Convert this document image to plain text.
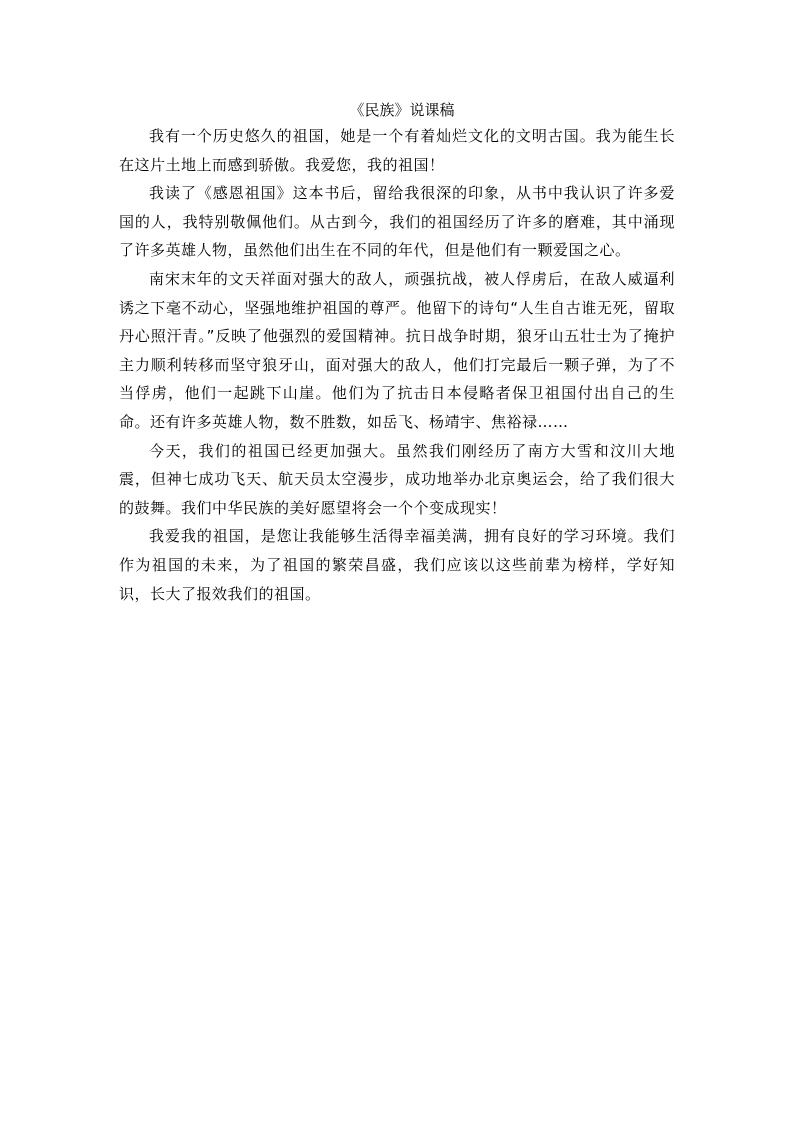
《民族》说课稿

我有一个历史悠久的祖国，她是一个有着灿烂文化的文明古国。我为能生长在这片土地上而感到骄傲。我爱您，我的祖国！

我读了《感恩祖国》这本书后，留给我很深的印象，从书中我认识了许多爱国的人，我特别敬佩他们。从古到今，我们的祖国经历了许多的磨难，其中涌现了许多英雄人物，虽然他们出生在不同的年代，但是他们有一颗爱国之心。

南宋末年的文天祥面对强大的敌人，顽强抗战，被人俘虏后，在敌人威逼利诱之下毫不动心，坚强地维护祖国的尊严。他留下的诗句“人生自古谁无死，留取丹心照汗青。”反映了他强烈的爱国精神。抗日战争时期，狼牙山五壮士为了掩护主力顺利转移而坚守狼牙山，面对强大的敌人，他们打完最后一颗子弹，为了不当俘虏，他们一起跳下山崖。他们为了抗击日本侵略者保卫祖国付出自己的生命。还有许多英雄人物，数不胜数，如岳飞、杨靖宇、焦裕禄……

今天，我们的祖国已经更加强大。虽然我们刚经历了南方大雪和汶川大地震，但神七成功飞天、航天员太空漫步，成功地举办北京奥运会，给了我们很大的鼓舞。我们中华民族的美好愿望将会一个个变成现实！

我爱我的祖国，是您让我能够生活得幸福美满，拥有良好的学习环境。我们作为祖国的未来，为了祖国的繁荣昌盛，我们应该以这些前辈为榜样，学好知识，长大了报效我们的祖国。
